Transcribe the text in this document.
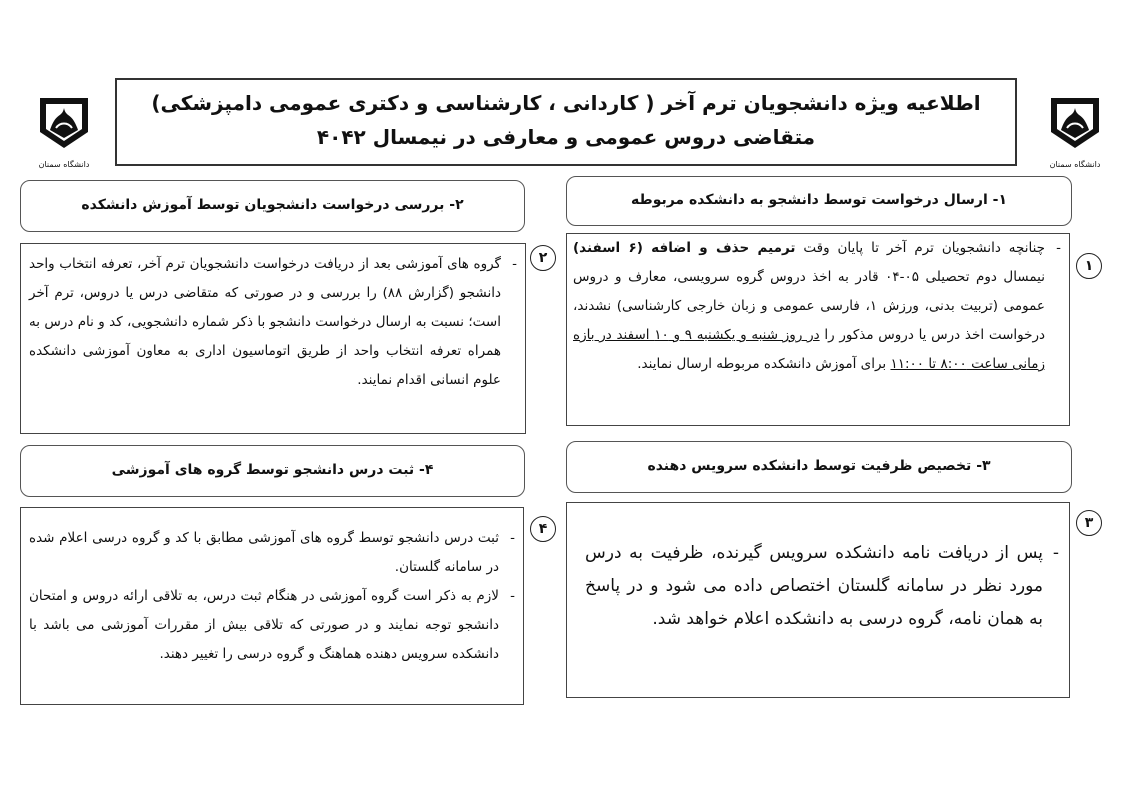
اطلاعیه ویژه دانشجویان ترم آخر ( کاردانی ، کارشناسی و دکتری عمومی دامپزشکی)
متقاضی دروس عمومی و معارفی در نیمسال ۴۰۴۲
دانشگاه سمنان
دانشگاه سمنان
۱- ارسال درخواست توسط دانشجو به دانشکده مربوطه
-
چنانچه دانشجویان ترم آخر تا پایان وقت ترمیم حذف و اضافه (۶ اسفند) نیمسال دوم تحصیلی ۰۵-۰۴ قادر به اخذ دروس گروه سرویسی، معارف و دروس عمومی (تربیت بدنی، ورزش ۱، فارسی عمومی و زبان خارجی کارشناسی) نشدند، درخواست اخذ درس یا دروس مذکور را در روز شنبه و یکشنبه ۹ و ۱۰ اسفند در بازه زمانی ساعت ۸:۰۰ تا ۱۱:۰۰ برای آموزش دانشکده مربوطه ارسال نمایند.
۱
۲- بررسی درخواست دانشجویان توسط آموزش دانشکده
-
گروه های آموزشی بعد از دریافت درخواست دانشجویان ترم آخر، تعرفه انتخاب واحد دانشجو (گزارش ۸۸) را بررسی و در صورتی که متقاضی درس یا دروس، ترم آخر است؛ نسبت به ارسال درخواست دانشجو با ذکر شماره دانشجویی، کد و نام درس به همراه تعرفه انتخاب واحد از طریق اتوماسیون اداری به معاون آموزشی دانشکده علوم انسانی اقدام نمایند.
۲
۳- تخصیص ظرفیت توسط دانشکده سرویس دهنده
-
پس از دریافت نامه دانشکده سرویس گیرنده، ظرفیت به درس مورد نظر در سامانه گلستان اختصاص داده می شود و در پاسخ به همان نامه، گروه درسی به دانشکده اعلام خواهد شد.
۳
۴- ثبت درس دانشجو توسط گروه های آموزشی
-
ثبت درس دانشجو توسط گروه های آموزشی مطابق با کد و گروه درسی اعلام شده در سامانه گلستان.
-
لازم به ذکر است گروه آموزشی در هنگام ثبت درس، به تلاقی ارائه دروس و امتحان دانشجو توجه نمایند و در صورتی که تلاقی بیش از مقررات آموزشی می باشد با دانشکده سرویس دهنده هماهنگ و گروه درسی را تغییر دهند.
۴
